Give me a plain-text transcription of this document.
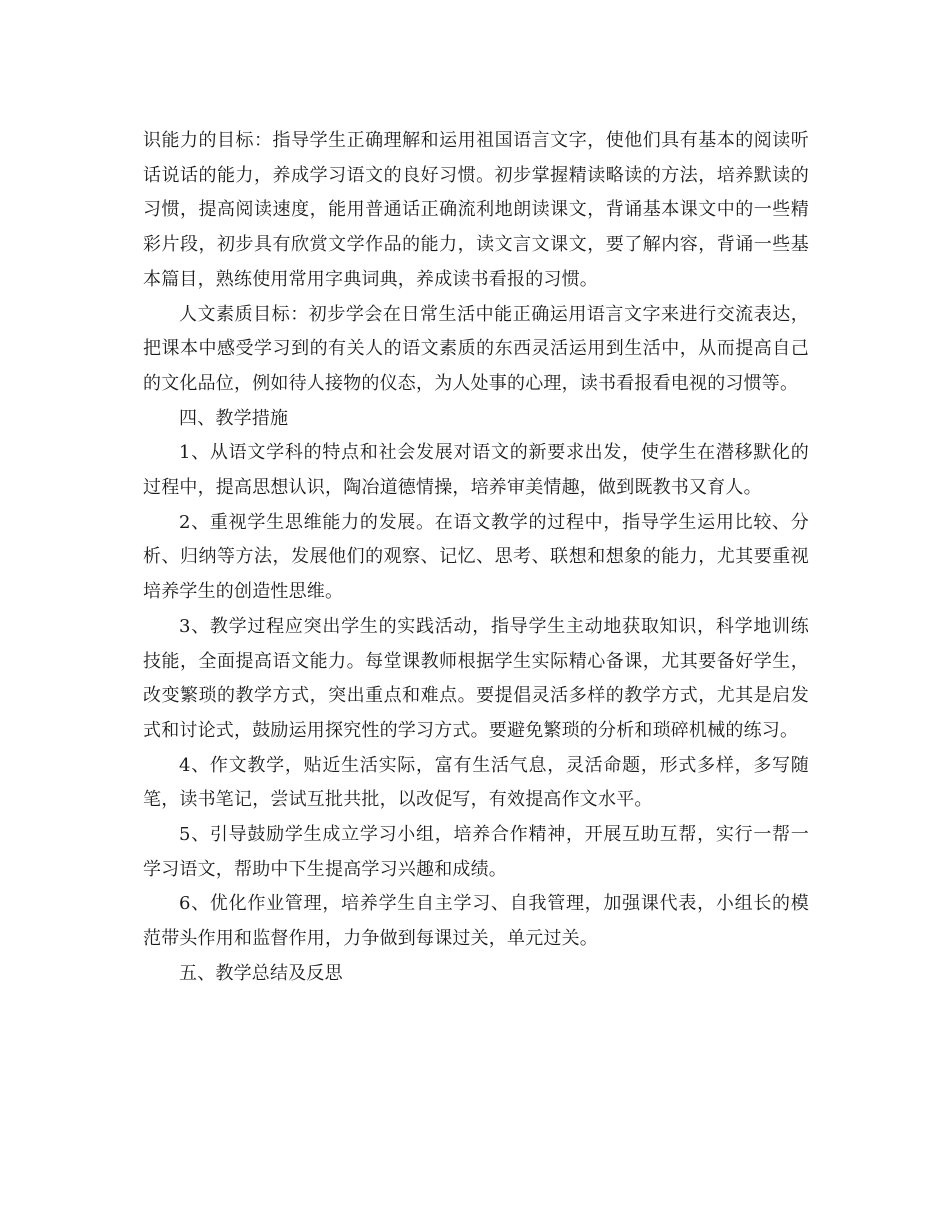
识能力的目标：指导学生正确理解和运用祖国语言文字，使他们具有基本的阅读听话说话的能力，养成学习语文的良好习惯。初步掌握精读略读的方法，培养默读的习惯，提高阅读速度，能用普通话正确流利地朗读课文，背诵基本课文中的一些精彩片段，初步具有欣赏文学作品的能力，读文言文课文，要了解内容，背诵一些基本篇目，熟练使用常用字典词典，养成读书看报的习惯。

人文素质目标：初步学会在日常生活中能正确运用语言文字来进行交流表达，把课本中感受学习到的有关人的语文素质的东西灵活运用到生活中，从而提高自己的文化品位，例如待人接物的仪态，为人处事的心理，读书看报看电视的习惯等。

四、教学措施

1、从语文学科的特点和社会发展对语文的新要求出发，使学生在潜移默化的过程中，提高思想认识，陶冶道德情操，培养审美情趣，做到既教书又育人。

2、重视学生思维能力的发展。在语文教学的过程中，指导学生运用比较、分析、归纳等方法，发展他们的观察、记忆、思考、联想和想象的能力，尤其要重视培养学生的创造性思维。

3、教学过程应突出学生的实践活动，指导学生主动地获取知识，科学地训练技能，全面提高语文能力。每堂课教师根据学生实际精心备课，尤其要备好学生，改变繁琐的教学方式，突出重点和难点。要提倡灵活多样的教学方式，尤其是启发式和讨论式，鼓励运用探究性的学习方式。要避免繁琐的分析和琐碎机械的练习。

4、作文教学，贴近生活实际，富有生活气息，灵活命题，形式多样，多写随笔，读书笔记，尝试互批共批，以改促写，有效提高作文水平。

5、引导鼓励学生成立学习小组，培养合作精神，开展互助互帮，实行一帮一学习语文，帮助中下生提高学习兴趣和成绩。

6、优化作业管理，培养学生自主学习、自我管理，加强课代表，小组长的模范带头作用和监督作用，力争做到每课过关，单元过关。

五、教学总结及反思
